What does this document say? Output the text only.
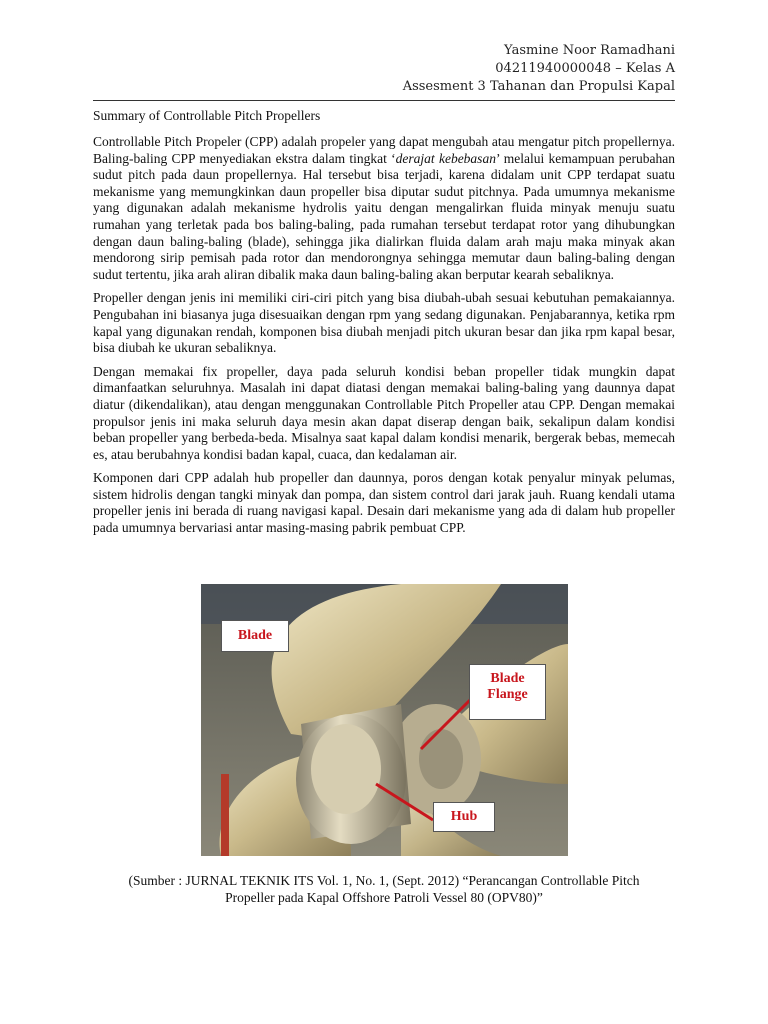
Yasmine Noor Ramadhani
04211940000048 – Kelas A
Assesment 3 Tahanan dan Propulsi Kapal
Summary of Controllable Pitch Propellers

Controllable Pitch Propeler (CPP) adalah propeler yang dapat mengubah atau mengatur pitch propellernya. Baling-baling CPP menyediakan ekstra dalam tingkat ‘derajat kebebasan’ melalui kemampuan perubahan sudut pitch pada daun propellernya. Hal tersebut bisa terjadi, karena didalam unit CPP terdapat suatu mekanisme yang memungkinkan daun propeller bisa diputar sudut pitchnya. Pada umumnya mekanisme yang digunakan adalah mekanisme hydrolis yaitu dengan mengalirkan fluida minyak menuju suatu rumahan yang terletak pada bos baling-baling, pada rumahan tersebut terdapat rotor yang dihubungkan dengan daun baling-baling (blade), sehingga jika dialirkan fluida dalam arah maju maka minyak akan mendorong sirip pemisah pada rotor dan mendorongnya sehingga memutar daun baling-baling dengan sudut tertentu, jika arah aliran dibalik maka daun baling-baling akan berputar kearah sebaliknya.

Propeller dengan jenis ini memiliki ciri-ciri pitch yang bisa diubah-ubah sesuai kebutuhan pemakaiannya. Pengubahan ini biasanya juga disesuaikan dengan rpm yang sedang digunakan. Penjabarannya, ketika rpm kapal yang digunakan rendah, komponen bisa diubah menjadi pitch ukuran besar dan jika rpm kapal besar, bisa diubah ke ukuran sebaliknya.

Dengan memakai fix propeller, daya pada seluruh kondisi beban propeller tidak mungkin dapat dimanfaatkan seluruhnya. Masalah ini dapat diatasi dengan memakai baling-baling yang daunnya dapat diatur (dikendalikan), atau dengan menggunakan Controllable Pitch Propeller atau CPP. Dengan memakai propulsor jenis ini maka seluruh daya mesin akan dapat diserap dengan baik, sekalipun dalam kondisi beban propeller yang berbeda-beda. Misalnya saat kapal dalam kondisi menarik, bergerak bebas, memecah es, atau berubahnya kondisi badan kapal, cuaca, dan kedalaman air.

Komponen dari CPP adalah hub propeller dan daunnya, poros dengan kotak penyalur minyak pelumas, sistem hidrolis dengan tangki minyak dan pompa, dan sistem control dari jarak jauh. Ruang kendali utama propeller jenis ini berada di ruang navigasi kapal. Desain dari mekanisme yang ada di dalam hub propeller pada umumnya bervariasi antar masing-masing pabrik pembuat CPP.

Blade
Blade
Flange
Hub
(Sumber : JURNAL TEKNIK ITS Vol. 1, No. 1, (Sept. 2012) “Perancangan Controllable Pitch
Propeller pada Kapal Offshore Patroli Vessel 80 (OPV80)”
